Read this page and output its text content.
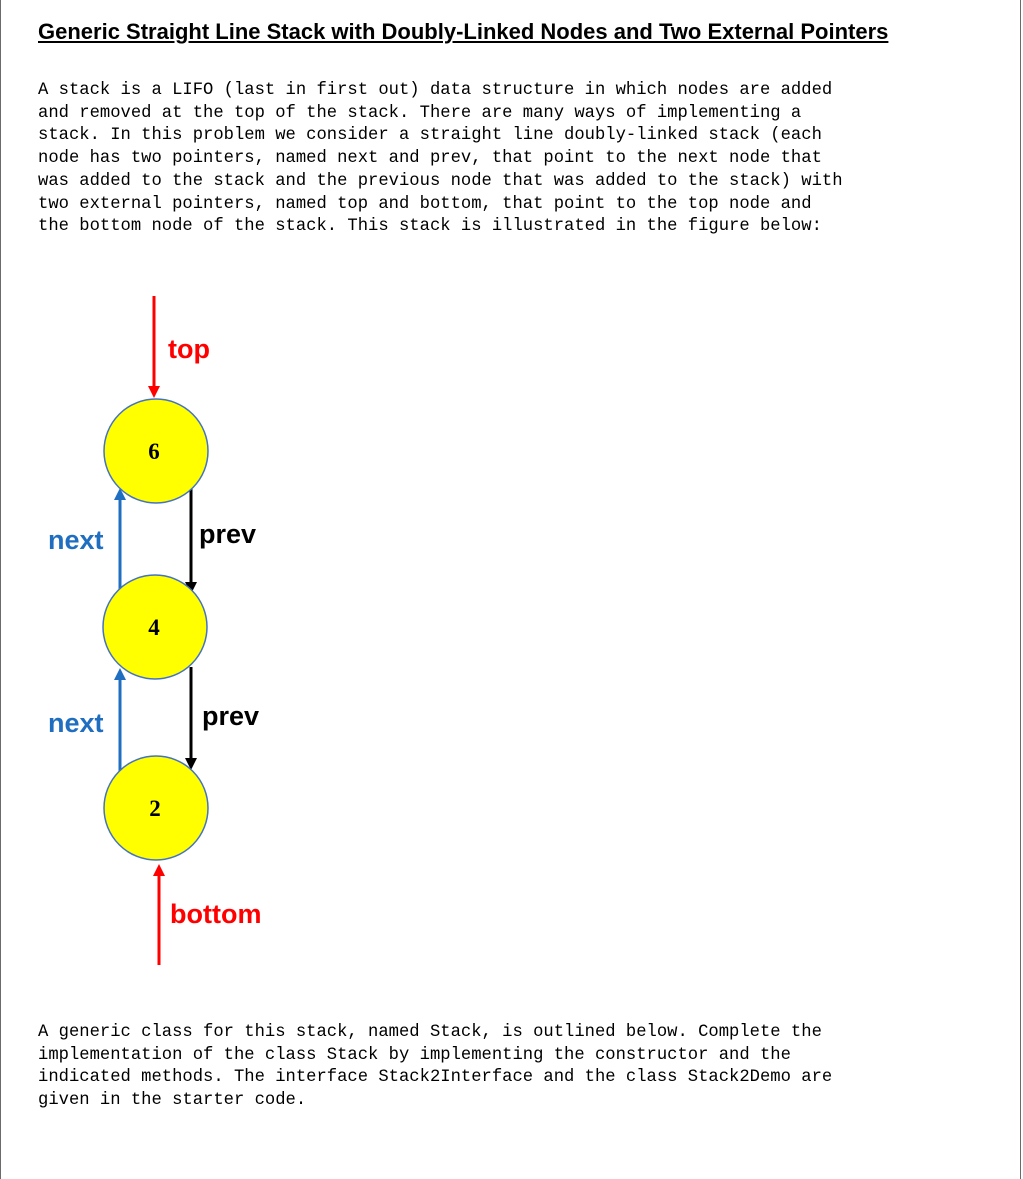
Generic Straight Line Stack with Doubly-Linked Nodes and Two External Pointers

A stack is a LIFO (last in first out) data structure in which nodes are added
and removed at the top of the stack. There are many ways of implementing a
stack. In this problem we consider a straight line doubly-linked stack (each
node has two pointers, named next and prev, that point to the next node that
was added to the stack and the previous node that was added to the stack) with
two external pointers, named top and bottom, that point to the top node and
the bottom node of the stack. This stack is illustrated in the figure below:

top
next
next
prev
prev
6
4
2
bottom

A generic class for this stack, named Stack, is outlined below. Complete the
implementation of the class Stack by implementing the constructor and the
indicated methods. The interface Stack2Interface and the class Stack2Demo are
given in the starter code.
